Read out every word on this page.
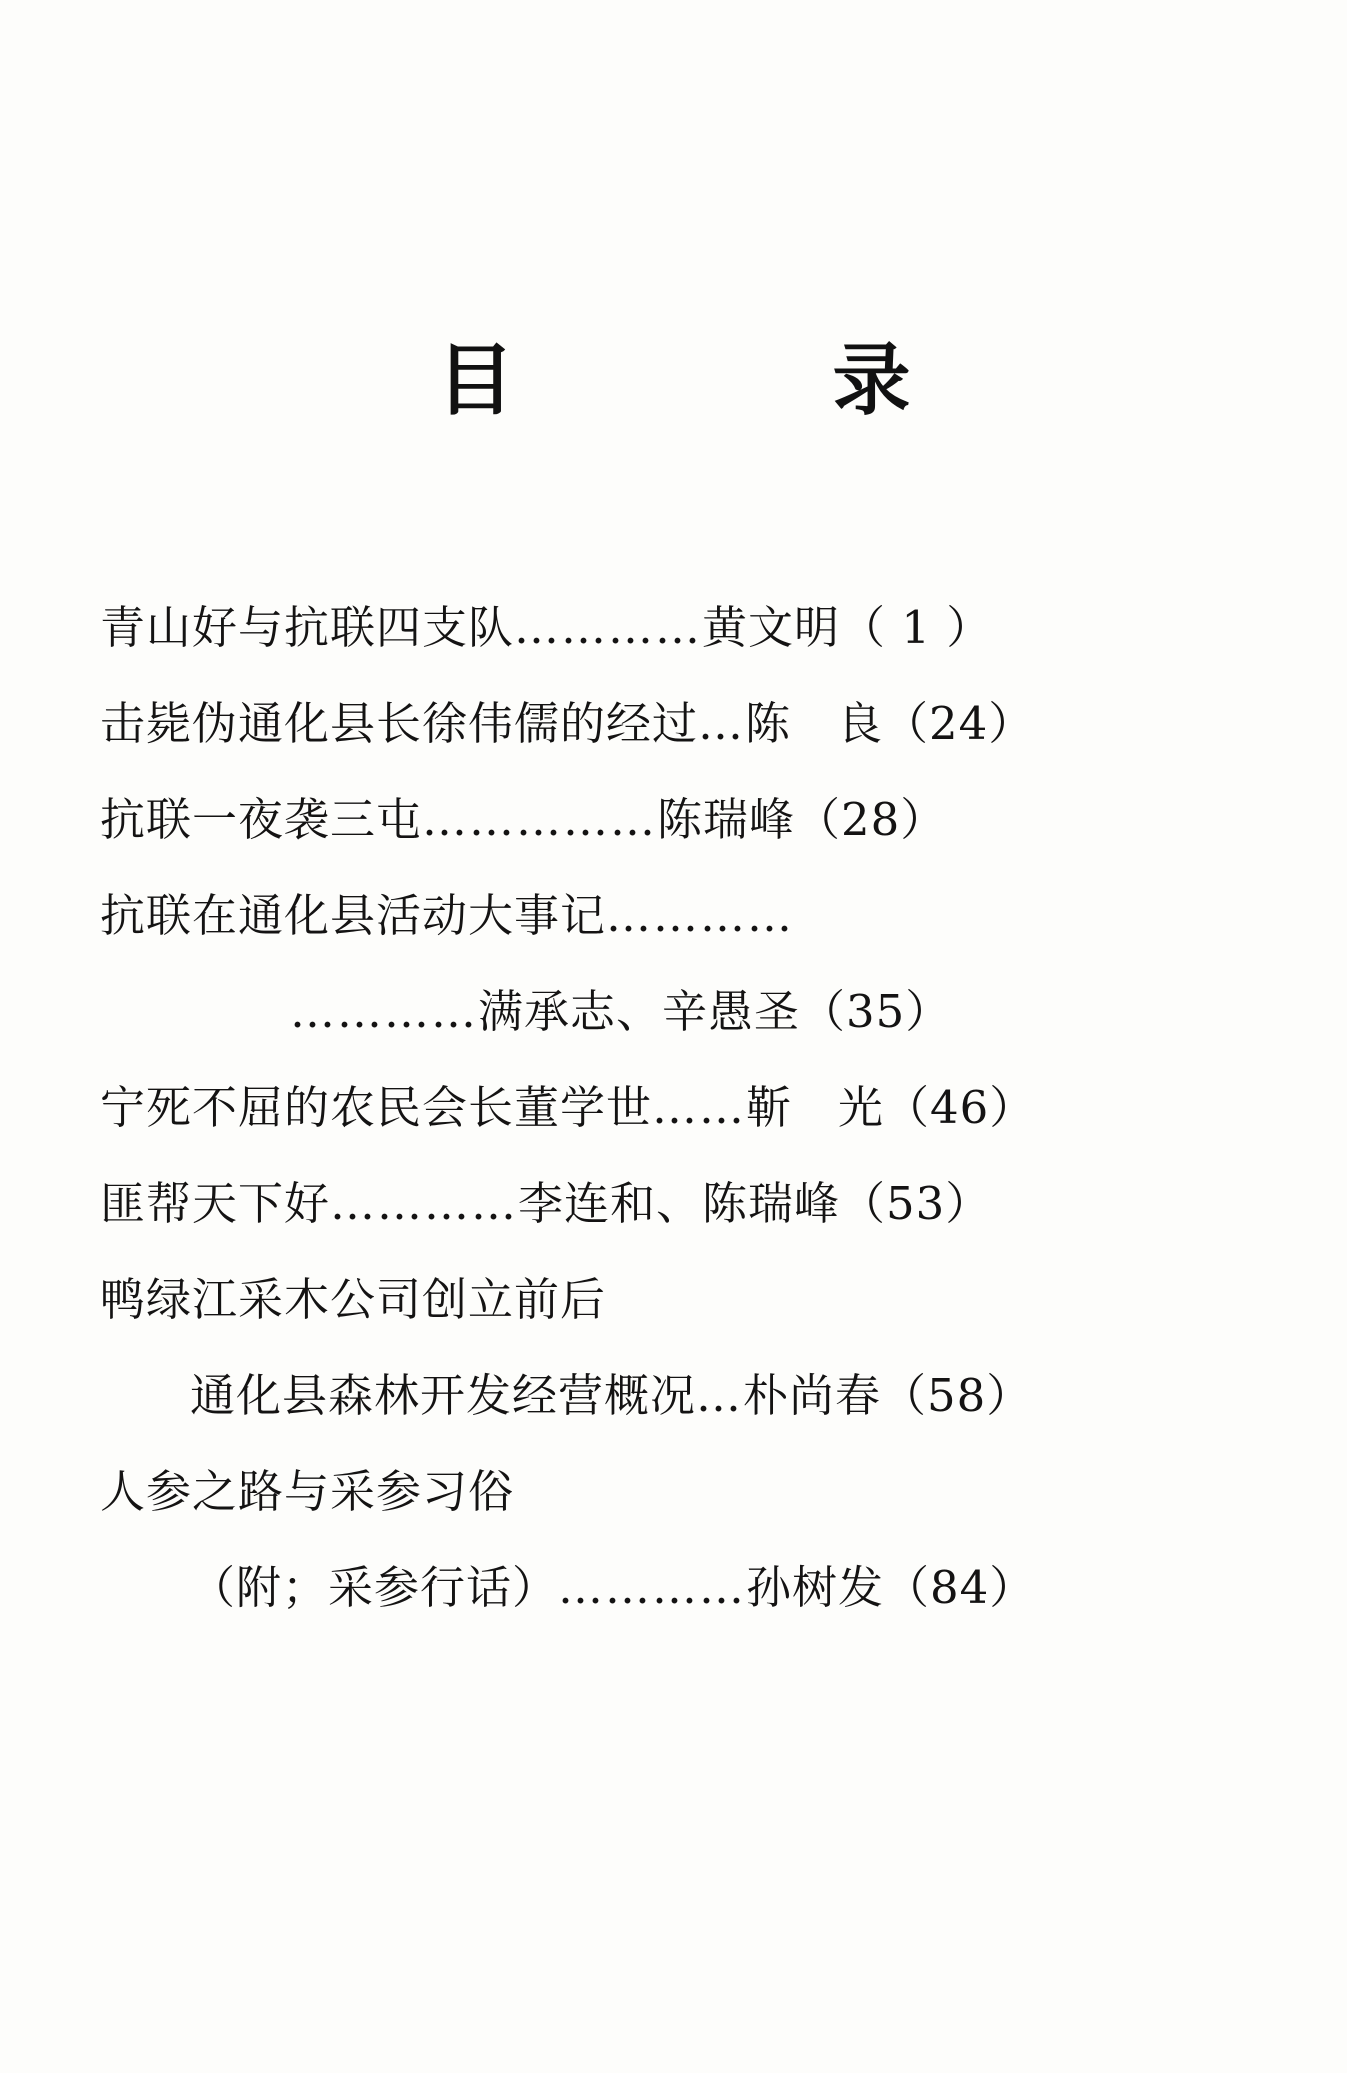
目　　录
青山好与抗联四支队…………黄文明（ 1 ）
击毙伪通化县长徐伟儒的经过…陈　良（24）
抗联一夜袭三屯……………陈瑞峰（28）
抗联在通化县活动大事记…………
…………满承志、辛愚圣（35）
宁死不屈的农民会长董学世……靳　光（46）
匪帮天下好…………李连和、陈瑞峰（53）
鸭绿江采木公司创立前后
通化县森林开发经营概况…朴尚春（58）
人参之路与采参习俗
（附；采参行话）…………孙树发（84）
